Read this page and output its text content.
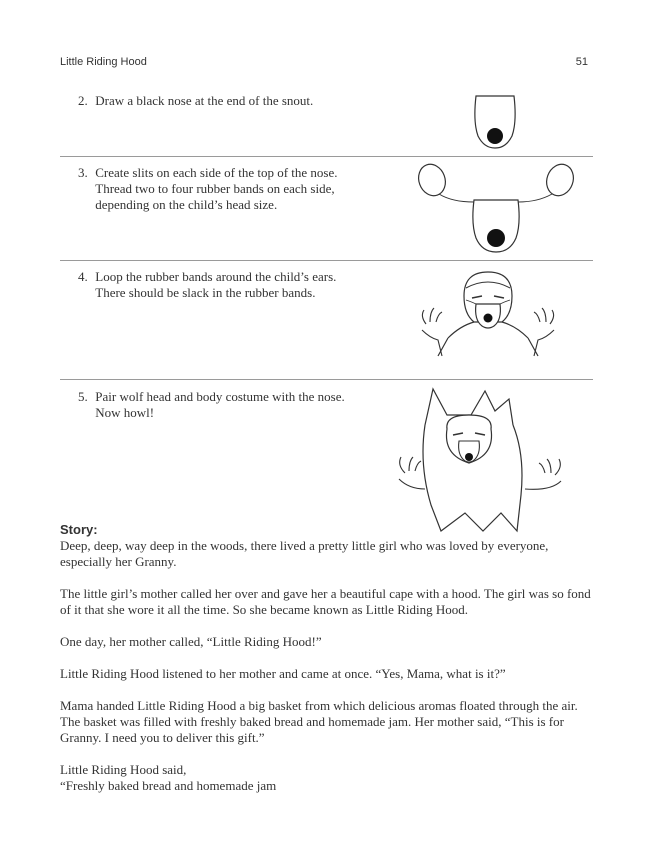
Little Riding Hood	51
2. Draw a black nose at the end of the snout.
3. Create slits on each side of the top of the nose.
Thread two to four rubber bands on each side,
depending on the child’s head size.
4. Loop the rubber bands around the child’s ears.
There should be slack in the rubber bands.
5. Pair wolf head and body costume with the nose.
Now howl!
Story:

Deep, deep, way deep in the woods, there lived a pretty little girl who was loved by everyone,
especially her Granny.

The little girl’s mother called her over and gave her a beautiful cape with a hood. The girl was so fond
of it that she wore it all the time. So she became known as Little Riding Hood.

One day, her mother called, “Little Riding Hood!”

Little Riding Hood listened to her mother and came at once. “Yes, Mama, what is it?”

Mama handed Little Riding Hood a big basket from which delicious aromas floated through the air.
The basket was filled with freshly baked bread and homemade jam. Her mother said, “This is for
Granny. I need you to deliver this gift.”

Little Riding Hood said,
“Freshly baked bread and homemade jam
